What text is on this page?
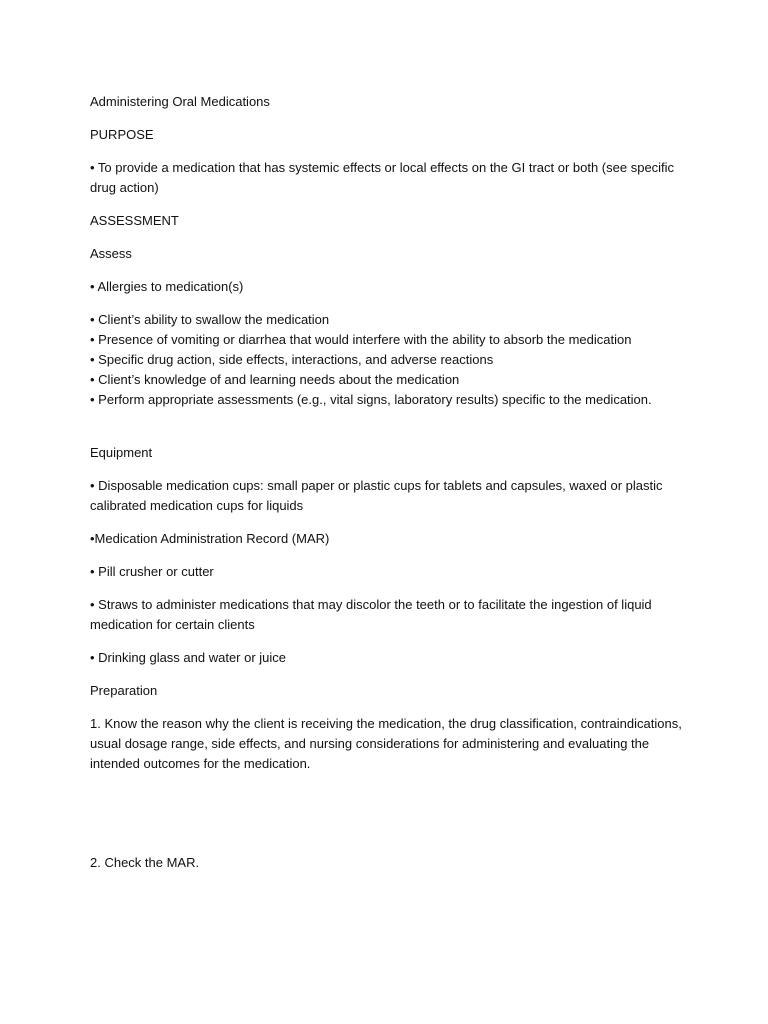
Administering Oral Medications

PURPOSE

• To provide a medication that has systemic effects or local effects on the GI tract or both (see specific drug action)

ASSESSMENT

Assess

• Allergies to medication(s)

• Client’s ability to swallow the medication
• Presence of vomiting or diarrhea that would interfere with the ability to absorb the medication
• Specific drug action, side effects, interactions, and adverse reactions
• Client’s knowledge of and learning needs about the medication
• Perform appropriate assessments (e.g., vital signs, laboratory results) specific to the medication.

Equipment

• Disposable medication cups: small paper or plastic cups for tablets and capsules, waxed or plastic calibrated medication cups for liquids

•Medication Administration Record (MAR)

• Pill crusher or cutter

• Straws to administer medications that may discolor the teeth or to facilitate the ingestion of liquid medication for certain clients

• Drinking glass and water or juice

Preparation

1. Know the reason why the client is receiving the medication, the drug classification, contraindications, usual dosage range, side effects, and nursing considerations for administering and evaluating the intended outcomes for the medication.

2. Check the MAR.
